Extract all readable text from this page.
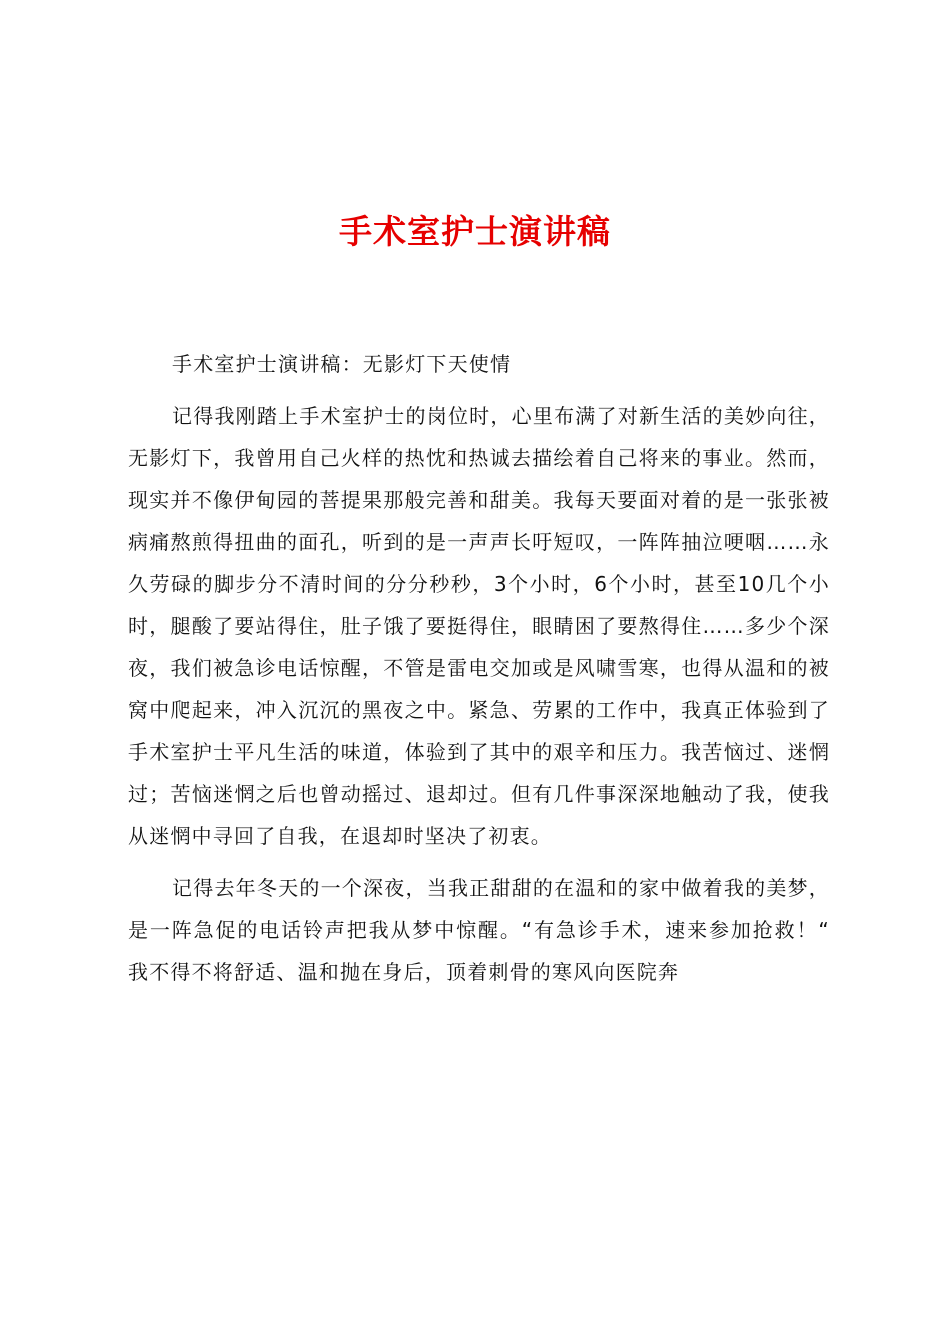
手术室护士演讲稿

手术室护士演讲稿：无影灯下天使情

记得我刚踏上手术室护士的岗位时，心里布满了对新生活的美妙向往，无影灯下，我曾用自己火样的热忱和热诚去描绘着自己将来的事业。然而，现实并不像伊甸园的菩提果那般完善和甜美。我每天要面对着的是一张张被病痛熬煎得扭曲的面孔，听到的是一声声长吁短叹，一阵阵抽泣哽咽……永久劳碌的脚步分不清时间的分分秒秒，3个小时，6个小时，甚至10几个小时，腿酸了要站得住，肚子饿了要挺得住，眼睛困了要熬得住……多少个深夜，我们被急诊电话惊醒，不管是雷电交加或是风啸雪寒，也得从温和的被窝中爬起来，冲入沉沉的黑夜之中。紧急、劳累的工作中，我真正体验到了手术室护士平凡生活的味道，体验到了其中的艰辛和压力。我苦恼过、迷惘过；苦恼迷惘之后也曾动摇过、退却过。但有几件事深深地触动了我，使我从迷惘中寻回了自我，在退却时坚决了初衷。

记得去年冬天的一个深夜，当我正甜甜的在温和的家中做着我的美梦，是一阵急促的电话铃声把我从梦中惊醒。“有急诊手术，速来参加抢救！“ 我不得不将舒适、温和抛在身后，顶着刺骨的寒风向医院奔
